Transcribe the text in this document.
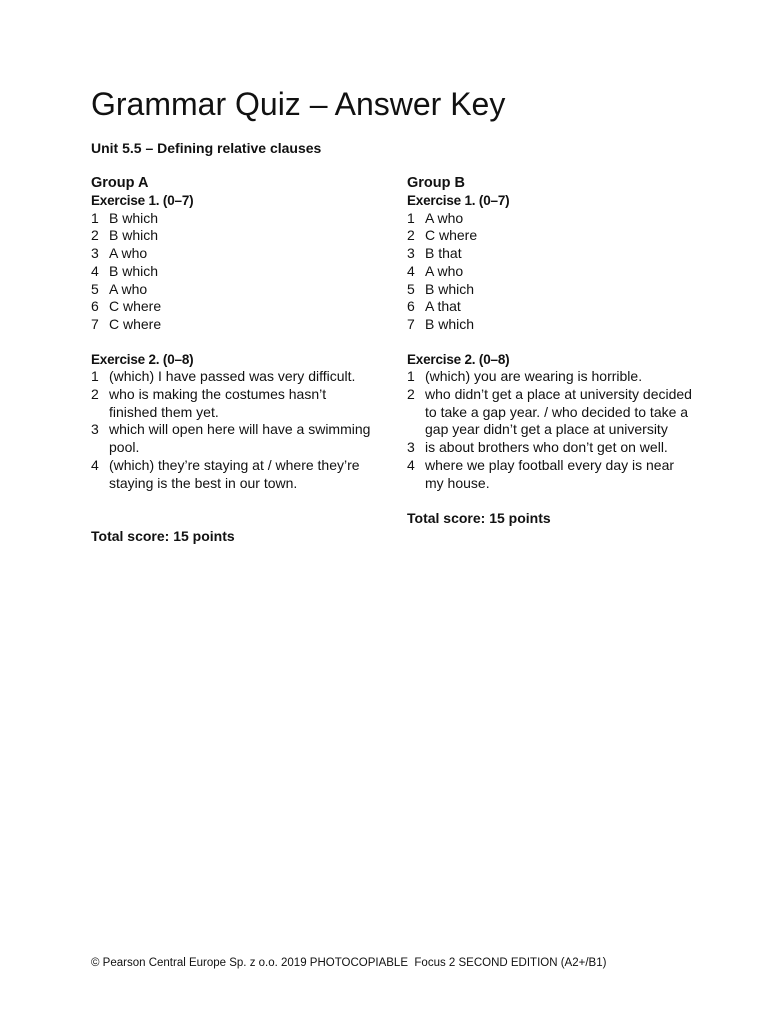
Grammar Quiz – Answer Key
Unit 5.5 – Defining relative clauses
Group A
Exercise 1. (0–7)
1 B which
2 B which
3 A who
4 B which
5 A who
6 C where
7 C where
Exercise 2. (0–8)
1 (which) I have passed was very difficult.
2 who is making the costumes hasn’t finished them yet.
3 which will open here will have a swimming pool.
4 (which) they’re staying at / where they’re staying is the best in our town.
Total score: 15 points
Group B
Exercise 1. (0–7)
1 A who
2 C where
3 B that
4 A who
5 B which
6 A that
7 B which
Exercise 2. (0–8)
1 (which) you are wearing is horrible.
2 who didn’t get a place at university decided to take a gap year. / who decided to take a gap year didn’t get a place at university
3 is about brothers who don’t get on well.
4 where we play football every day is near my house.
Total score: 15 points
© Pearson Central Europe Sp. z o.o. 2019 PHOTOCOPIABLE  Focus 2 SECOND EDITION (A2+/B1)
